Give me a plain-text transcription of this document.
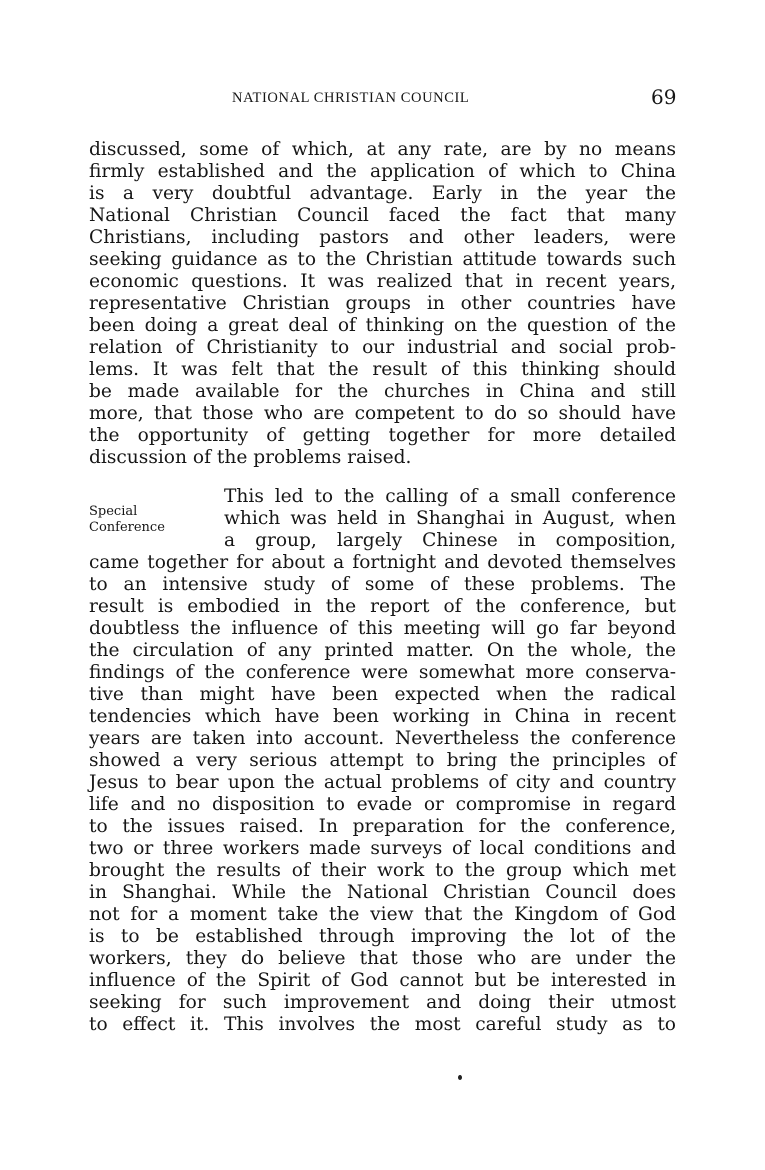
NATIONAL CHRISTIAN COUNCIL	69
Special
Conference
discussed, some of which, at any rate, are by no means
firmly established and the application of which to China
is a very doubtful advantage. Early in the year the
National Christian Council faced the fact that many
Christians, including pastors and other leaders, were
seeking guidance as to the Christian attitude towards such
economic questions. It was realized that in recent years,
representative Christian groups in other countries have
been doing a great deal of thinking on the question of the
relation of Christianity to our industrial and social prob-
lems. It was felt that the result of this thinking should
be made available for the churches in China and still
more, that those who are competent to do so should have
the opportunity of getting together for more detailed
discussion of the problems raised.
This led to the calling of a small conference
which was held in Shanghai in August, when
a group, largely Chinese in composition,
came together for about a fortnight and devoted themselves
to an intensive study of some of these problems. The
result is embodied in the report of the conference, but
doubtless the influence of this meeting will go far beyond
the circulation of any printed matter. On the whole, the
findings of the conference were somewhat more conserva-
tive than might have been expected when the radical
tendencies which have been working in China in recent
years are taken into account. Nevertheless the conference
showed a very serious attempt to bring the principles of
Jesus to bear upon the actual problems of city and country
life and no disposition to evade or compromise in regard
to the issues raised. In preparation for the conference,
two or three workers made surveys of local conditions and
brought the results of their work to the group which met
in Shanghai. While the National Christian Council does
not for a moment take the view that the Kingdom of God
is to be established through improving the lot of the
workers, they do believe that those who are under the
influence of the Spirit of God cannot but be interested in
seeking for such improvement and doing their utmost
to effect it. This involves the most careful study as to
